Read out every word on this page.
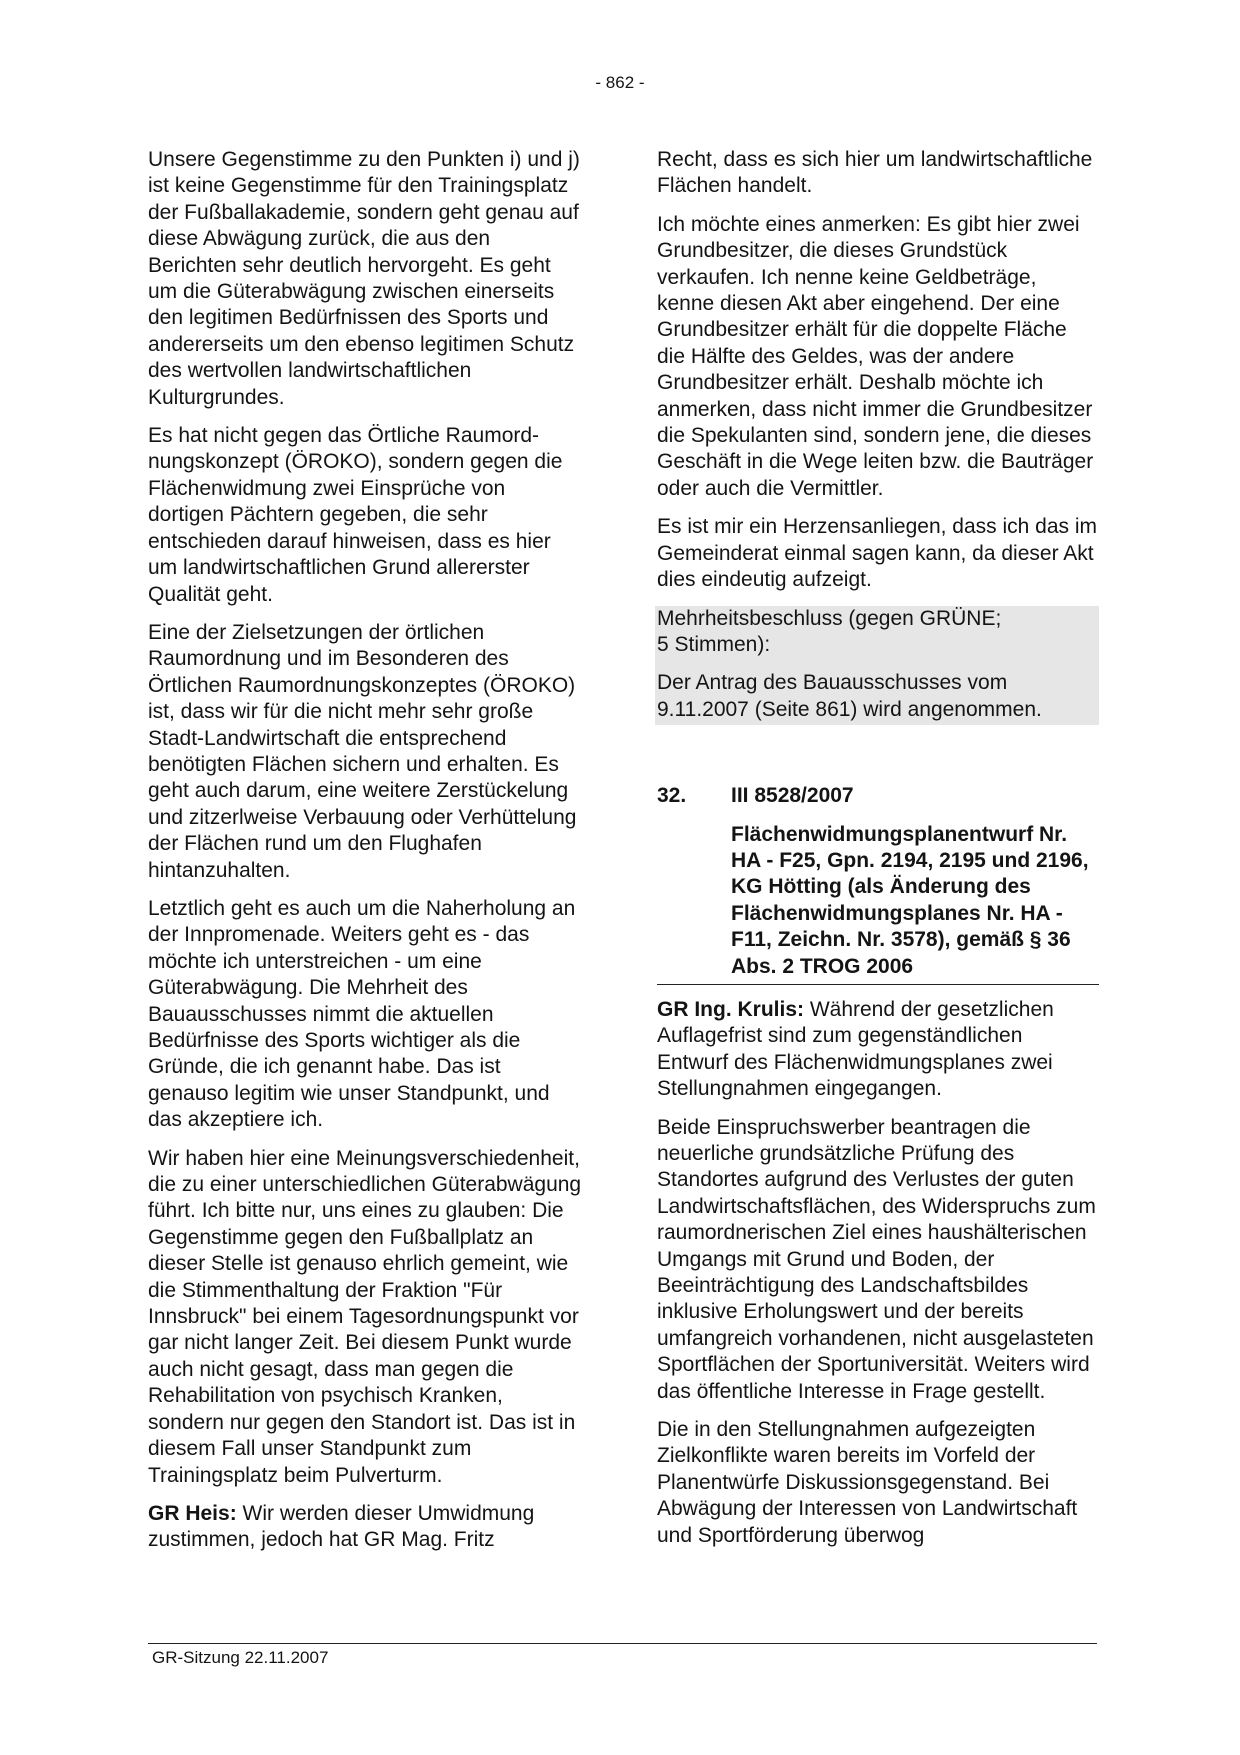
- 862 -

Unsere Gegenstimme zu den Punkten i) und j) ist keine Gegenstimme für den Trainingsplatz der Fußballakademie, sondern geht genau auf diese Abwägung zurück, die aus den Berichten sehr deutlich hervorgeht. Es geht um die Güterabwägung zwischen einerseits den legitimen Bedürfnissen des Sports und andererseits um den ebenso legitimen Schutz des wertvollen landwirtschaftlichen Kulturgrundes.

Es hat nicht gegen das Örtliche Raumordnungskonzept (ÖROKO), sondern gegen die Flächenwidmung zwei Einsprüche von dortigen Pächtern gegeben, die sehr entschieden darauf hinweisen, dass es hier um landwirtschaftlichen Grund allererster Qualität geht.

Eine der Zielsetzungen der örtlichen Raumordnung und im Besonderen des Örtlichen Raumordnungskonzeptes (ÖROKO) ist, dass wir für die nicht mehr sehr große Stadt-Landwirtschaft die entsprechend benötigten Flächen sichern und erhalten. Es geht auch darum, eine weitere Zerstückelung und zitzerlweise Verbauung oder Verhüttelung der Flächen rund um den Flughafen hintanzuhalten.

Letztlich geht es auch um die Naherholung an der Innpromenade. Weiters geht es - das möchte ich unterstreichen - um eine Güterabwägung. Die Mehrheit des Bauausschusses nimmt die aktuellen Bedürfnisse des Sports wichtiger als die Gründe, die ich genannt habe. Das ist genauso legitim wie unser Standpunkt, und das akzeptiere ich.

Wir haben hier eine Meinungsverschiedenheit, die zu einer unterschiedlichen Güterabwägung führt. Ich bitte nur, uns eines zu glauben: Die Gegenstimme gegen den Fußballplatz an dieser Stelle ist genauso ehrlich gemeint, wie die Stimmenthaltung der Fraktion "Für Innsbruck" bei einem Tagesordnungspunkt vor gar nicht langer Zeit. Bei diesem Punkt wurde auch nicht gesagt, dass man gegen die Rehabilitation von psychisch Kranken, sondern nur gegen den Standort ist. Das ist in diesem Fall unser Standpunkt zum Trainingsplatz beim Pulverturm.

GR Heis: Wir werden dieser Umwidmung zustimmen, jedoch hat GR Mag. Fritz

Recht, dass es sich hier um landwirtschaftliche Flächen handelt.

Ich möchte eines anmerken: Es gibt hier zwei Grundbesitzer, die dieses Grundstück verkaufen. Ich nenne keine Geldbeträge, kenne diesen Akt aber eingehend. Der eine Grundbesitzer erhält für die doppelte Fläche die Hälfte des Geldes, was der andere Grundbesitzer erhält. Deshalb möchte ich anmerken, dass nicht immer die Grundbesitzer die Spekulanten sind, sondern jene, die dieses Geschäft in die Wege leiten bzw. die Bauträger oder auch die Vermittler.

Es ist mir ein Herzensanliegen, dass ich das im Gemeinderat einmal sagen kann, da dieser Akt dies eindeutig aufzeigt.

Mehrheitsbeschluss (gegen GRÜNE;
5 Stimmen):

Der Antrag des Bauausschusses vom 9.11.2007 (Seite 861) wird angenommen.

32.	III 8528/2007
Flächenwidmungsplanentwurf Nr. HA - F25, Gpn. 2194, 2195 und 2196, KG Hötting (als Änderung des Flächenwidmungsplanes Nr. HA - F11, Zeichn. Nr. 3578), gemäß § 36 Abs. 2 TROG 2006

GR Ing. Krulis: Während der gesetzlichen Auflagefrist sind zum gegenständlichen Entwurf des Flächenwidmungsplanes zwei Stellungnahmen eingegangen.

Beide Einspruchswerber beantragen die neuerliche grundsätzliche Prüfung des Standortes aufgrund des Verlustes der guten Landwirtschaftsflächen, des Widerspruchs zum raumordnerischen Ziel eines haushälterischen Umgangs mit Grund und Boden, der Beeinträchtigung des Landschaftsbildes inklusive Erholungswert und der bereits umfangreich vorhandenen, nicht ausgelasteten Sportflächen der Sportuniversität. Weiters wird das öffentliche Interesse in Frage gestellt.

Die in den Stellungnahmen aufgezeigten Zielkonflikte waren bereits im Vorfeld der Planentwürfe Diskussionsgegenstand. Bei Abwägung der Interessen von Landwirtschaft und Sportförderung überwog

GR-Sitzung 22.11.2007
